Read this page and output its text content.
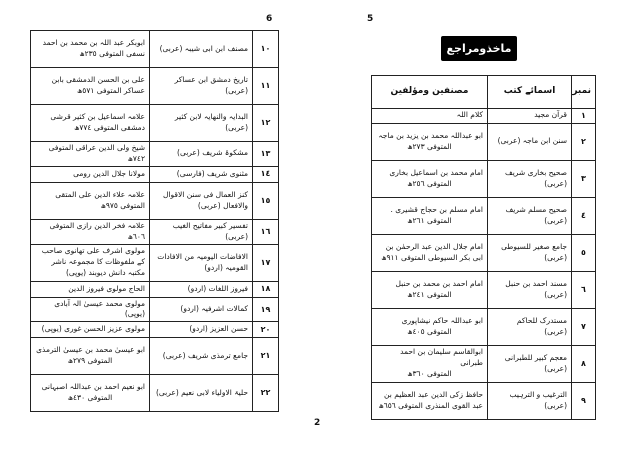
6	5
2
ماخذومراجع
نمبر	اسمائے کتب	مصنفین ومؤلفین
١	قرآن مجید	کلام اللہ
٢	سنن ابن ماجہ (عربی)	ابو عبداللہ محمد بن یزید بن ماجہ
المتوفی ٢٧٣ھ

٣	صحیح بخاری شریف (عربی)	امام محمد بن اسماعیل بخاری
المتوفی ٢٥٦ھ

٤	صحیح مسلم شریف (عربی)	امام مسلم بن حجاج قشیری .
المتوفی ٢٦١ھ

٥	جامع صغیر للسیوطی (عربی)	امام جلال الدین عبد الرحمٰن بن ابی بکر السیوطی المتوفی ٩١١ھ
٦	مسند احمد بن حنبل (عربی)	امام احمد بن محمد بن حنبل
المتوفی ٢٤١ھ

٧	مستدرک للحاکم (عربی)	ابو عبداللہ حاکم نیشاپوری
المتوفی ٤٠٥ھ

٨	معجم کبیر للطبرانی (عربی)	ابوالقاسم سلیمان بن احمد طبرانی
المتوفی ٣٦٠ھ

٩	الترغیب و الترہیب (عربی)	حافظ زکی الدین عبد العظیم بن عبد القوی المنذری المتوفی ٦٥٦ھ
١٠	مصنف ابن ابی شیبہ (عربی)	ابوبکر عبد اللہ بن محمد بن احمد نسفی المتوفی ٢٣٥ھ
١١	تاریخ دمشق ابن عساکر (عربی)	علی بن الحسن الدمشقی بابن عساکر المتوفی ٥٧١ھ
١٢	البدایہ والنھایہ لابن کثیر (عربی)	علامہ اسماعیل بن کثیر قرشی دمشقی المتوفی ٧٧٤ھ
١٣	مشکوۃ شریف (عربی)	شیخ ولی الدین عراقی المتوفی ٧٤٢ھ
١٤	مثنوی شریف (فارسی)	مولانا جلال الدین رومی
١٥	کنز العمال فی سنن الاقوال والافعال (عربی)	علامہ علاء الدین علی المتقی المتوفی ٩٧٥ھ
١٦	تفسیر کبیر مفاتیح الغیب (عربی)	علامہ فخر الدین رازی المتوفی ٦٠٦ھ
١٧	الافاضات الیومیہ من الافادات القومیہ (اردو)	مولوی اشرف علی تھانوی صاحب کے ملفوظات کا مجموعہ ناشر مکتبہ دانش دیوبند (یوپی)
١٨	فیروز اللغات (اردو)	الحاج مولوی فیروز الدین
١٩	کمالات اشرفیہ (اردو)	مولوی محمد عیسیٰ الہ آبادی (یوپی)
٢٠	حسن العزیز (اردو)	مولوی عزیز الحسن غوری (یوپی)
٢١	جامع ترمذی شریف (عربی)	ابو عیسیٰ محمد بن عیسیٰ الترمذی
المتوفی ٢٧٩ھ

٢٢	حلیۃ الاولیاء لابی نعیم (عربی)	ابو نعیم احمد بن عبداللہ اصبہانی
المتوفی ٤٣٠ھ
